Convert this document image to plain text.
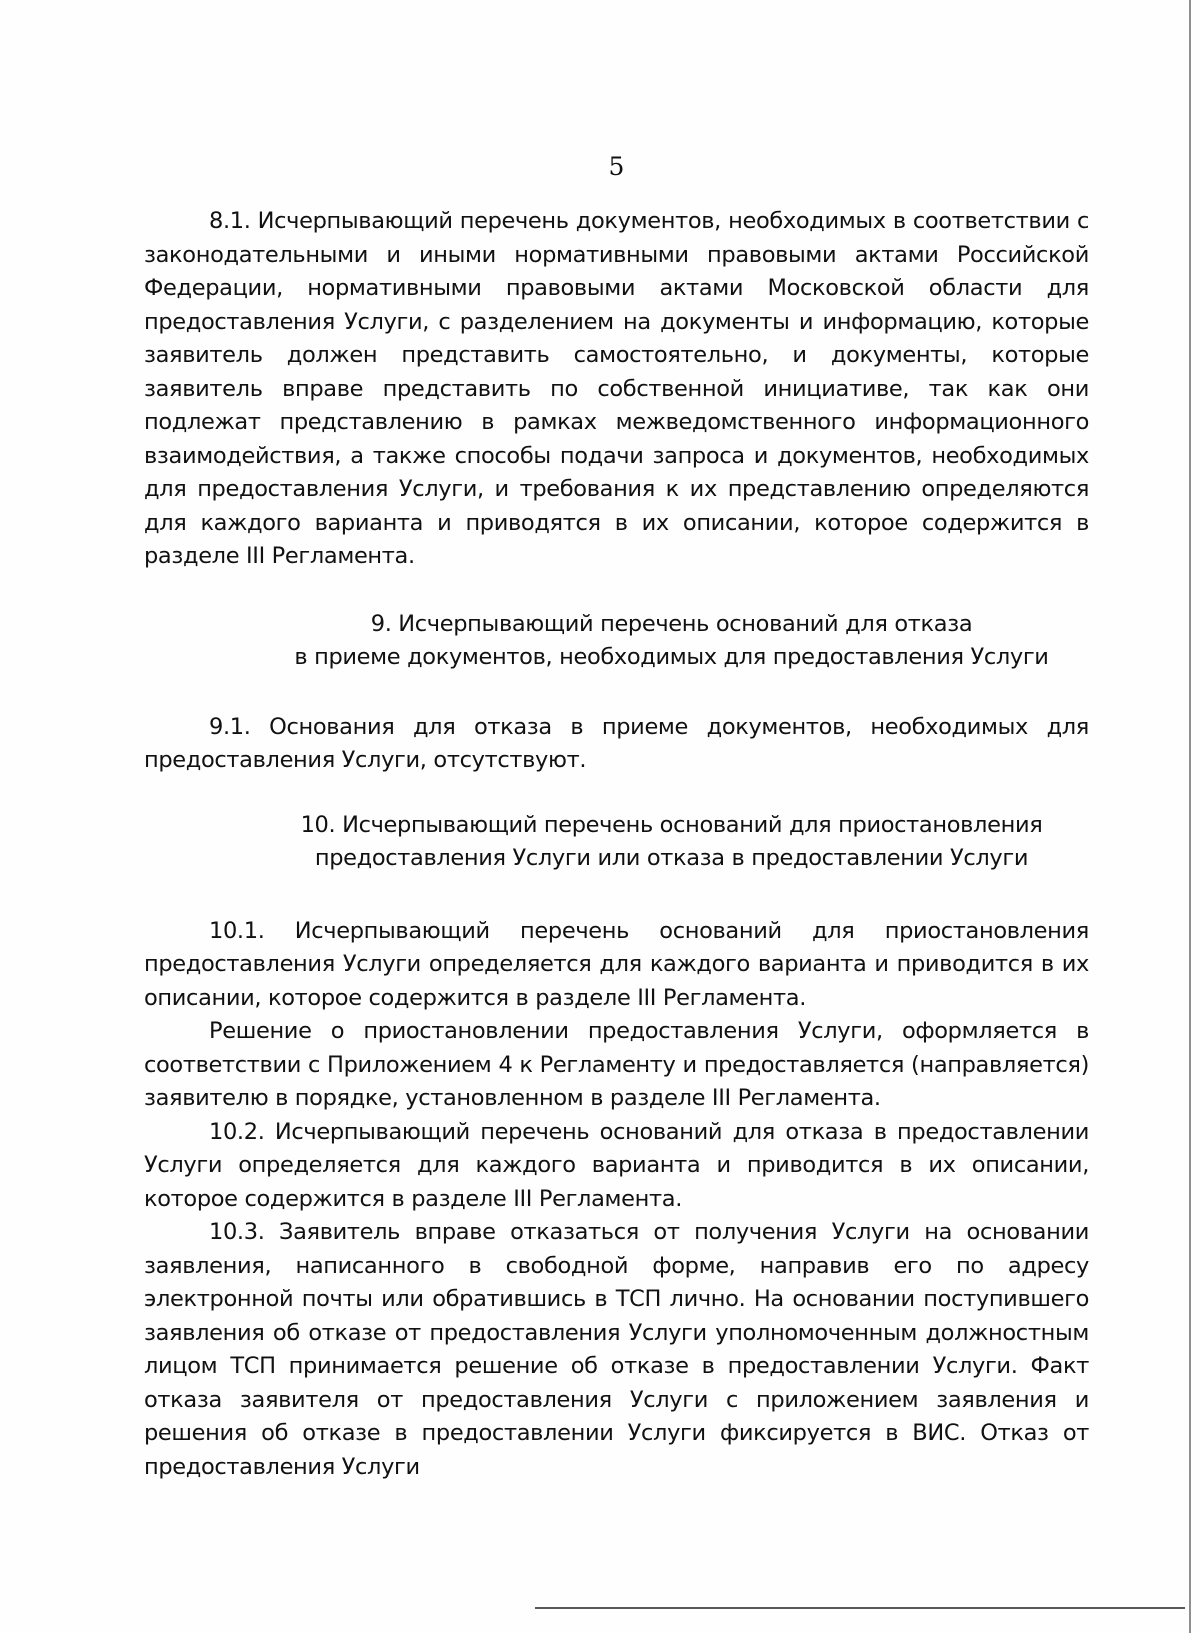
5

8.1. Исчерпывающий перечень документов, необходимых в соответствии с законодательными и иными нормативными правовыми актами Российской Федерации, нормативными правовыми актами Московской области для предоставления Услуги, с разделением на документы и информацию, которые заявитель должен представить самостоятельно, и документы, которые заявитель вправе представить по собственной инициативе, так как они подлежат представлению в рамках межведомственного информационного взаимодействия, а также способы подачи запроса и документов, необходимых для предоставления Услуги, и требования к их представлению определяются для каждого варианта и приводятся в их описании, которое содержится в разделе III Регламента.

9. Исчерпывающий перечень оснований для отказа
в приеме документов, необходимых для предоставления Услуги

9.1. Основания для отказа в приеме документов, необходимых для предоставления Услуги, отсутствуют.

10. Исчерпывающий перечень оснований для приостановления
предоставления Услуги или отказа в предоставлении Услуги

10.1. Исчерпывающий перечень оснований для приостановления предоставления Услуги определяется для каждого варианта и приводится в их описании, которое содержится в разделе III Регламента.

Решение о приостановлении предоставления Услуги, оформляется в соответствии с Приложением 4 к Регламенту и предоставляется (направляется) заявителю в порядке, установленном в разделе III Регламента.

10.2. Исчерпывающий перечень оснований для отказа в предоставлении Услуги определяется для каждого варианта и приводится в их описании, которое содержится в разделе III Регламента.

10.3. Заявитель вправе отказаться от получения Услуги на основании заявления, написанного в свободной форме, направив его по адресу электронной почты или обратившись в ТСП лично. На основании поступившего заявления об отказе от предоставления Услуги уполномоченным должностным лицом ТСП принимается решение об отказе в предоставлении Услуги. Факт отказа заявителя от предоставления Услуги с приложением заявления и решения об отказе в предоставлении Услуги фиксируется в ВИС. Отказ от предоставления Услуги
